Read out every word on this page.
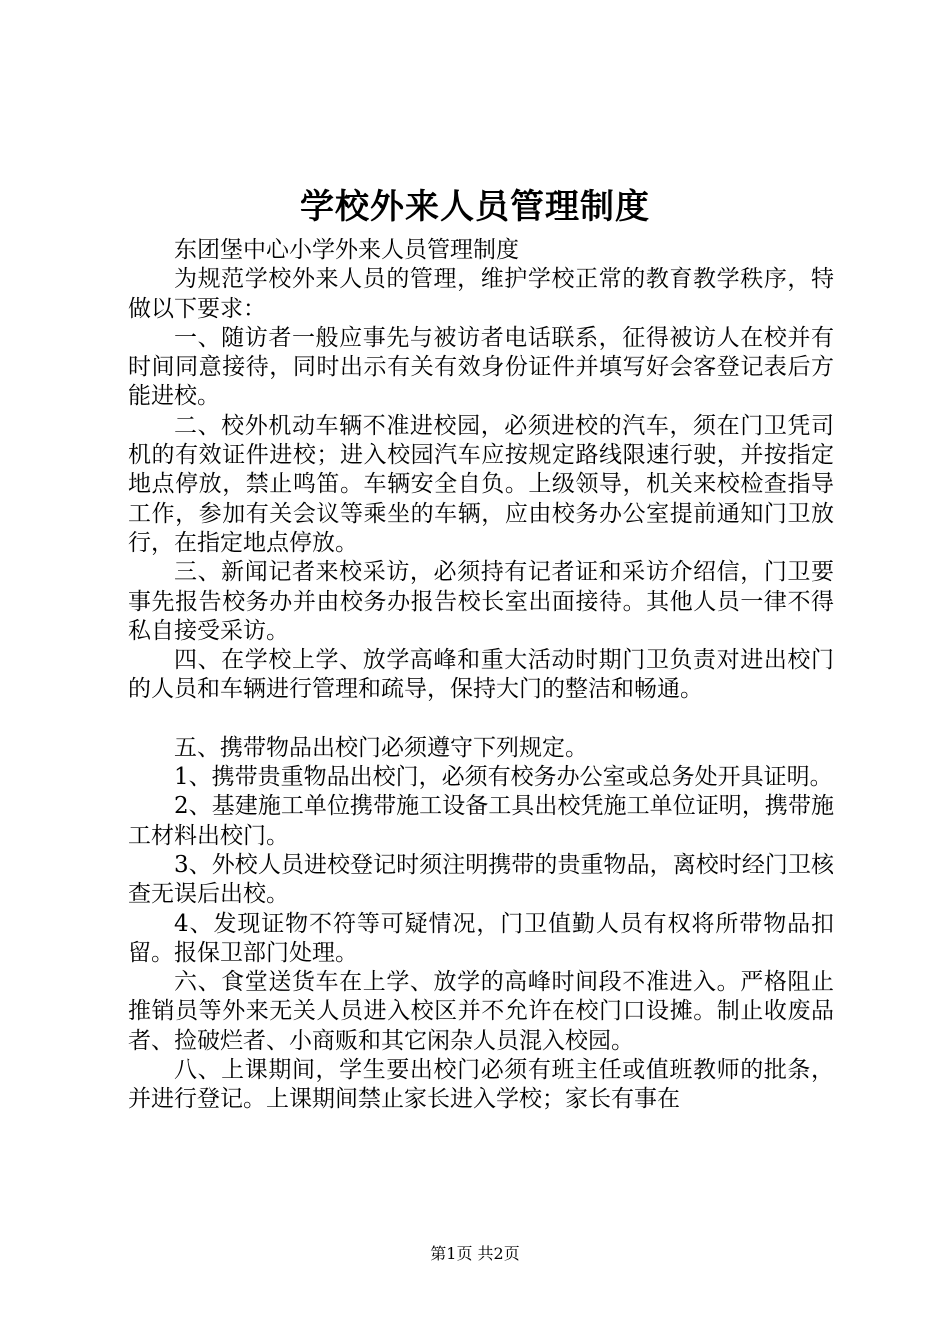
学校外来人员管理制度

东团堡中心小学外来人员管理制度

为规范学校外来人员的管理，维护学校正常的教育教学秩序，特做以下要求：

一、随访者一般应事先与被访者电话联系，征得被访人在校并有时间同意接待，同时出示有关有效身份证件并填写好会客登记表后方能进校。

二、校外机动车辆不准进校园，必须进校的汽车，须在门卫凭司机的有效证件进校；进入校园汽车应按规定路线限速行驶，并按指定地点停放，禁止鸣笛。车辆安全自负。上级领导，机关来校检查指导工作，参加有关会议等乘坐的车辆，应由校务办公室提前通知门卫放行，在指定地点停放。

三、新闻记者来校采访，必须持有记者证和采访介绍信，门卫要事先报告校务办并由校务办报告校长室出面接待。其他人员一律不得私自接受采访。

四、在学校上学、放学高峰和重大活动时期门卫负责对进出校门的人员和车辆进行管理和疏导，保持大门的整洁和畅通。

五、携带物品出校门必须遵守下列规定。

1、携带贵重物品出校门，必须有校务办公室或总务处开具证明。

2、基建施工单位携带施工设备工具出校凭施工单位证明，携带施工材料出校门。

3、外校人员进校登记时须注明携带的贵重物品，离校时经门卫核查无误后出校。

4、发现证物不符等可疑情况，门卫值勤人员有权将所带物品扣留。报保卫部门处理。

六、食堂送货车在上学、放学的高峰时间段不准进入。严格阻止推销员等外来无关人员进入校区并不允许在校门口设摊。制止收废品者、捡破烂者、小商贩和其它闲杂人员混入校园。

八、上课期间，学生要出校门必须有班主任或值班教师的批条，并进行登记。上课期间禁止家长进入学校；家长有事在

第1页 共2页
